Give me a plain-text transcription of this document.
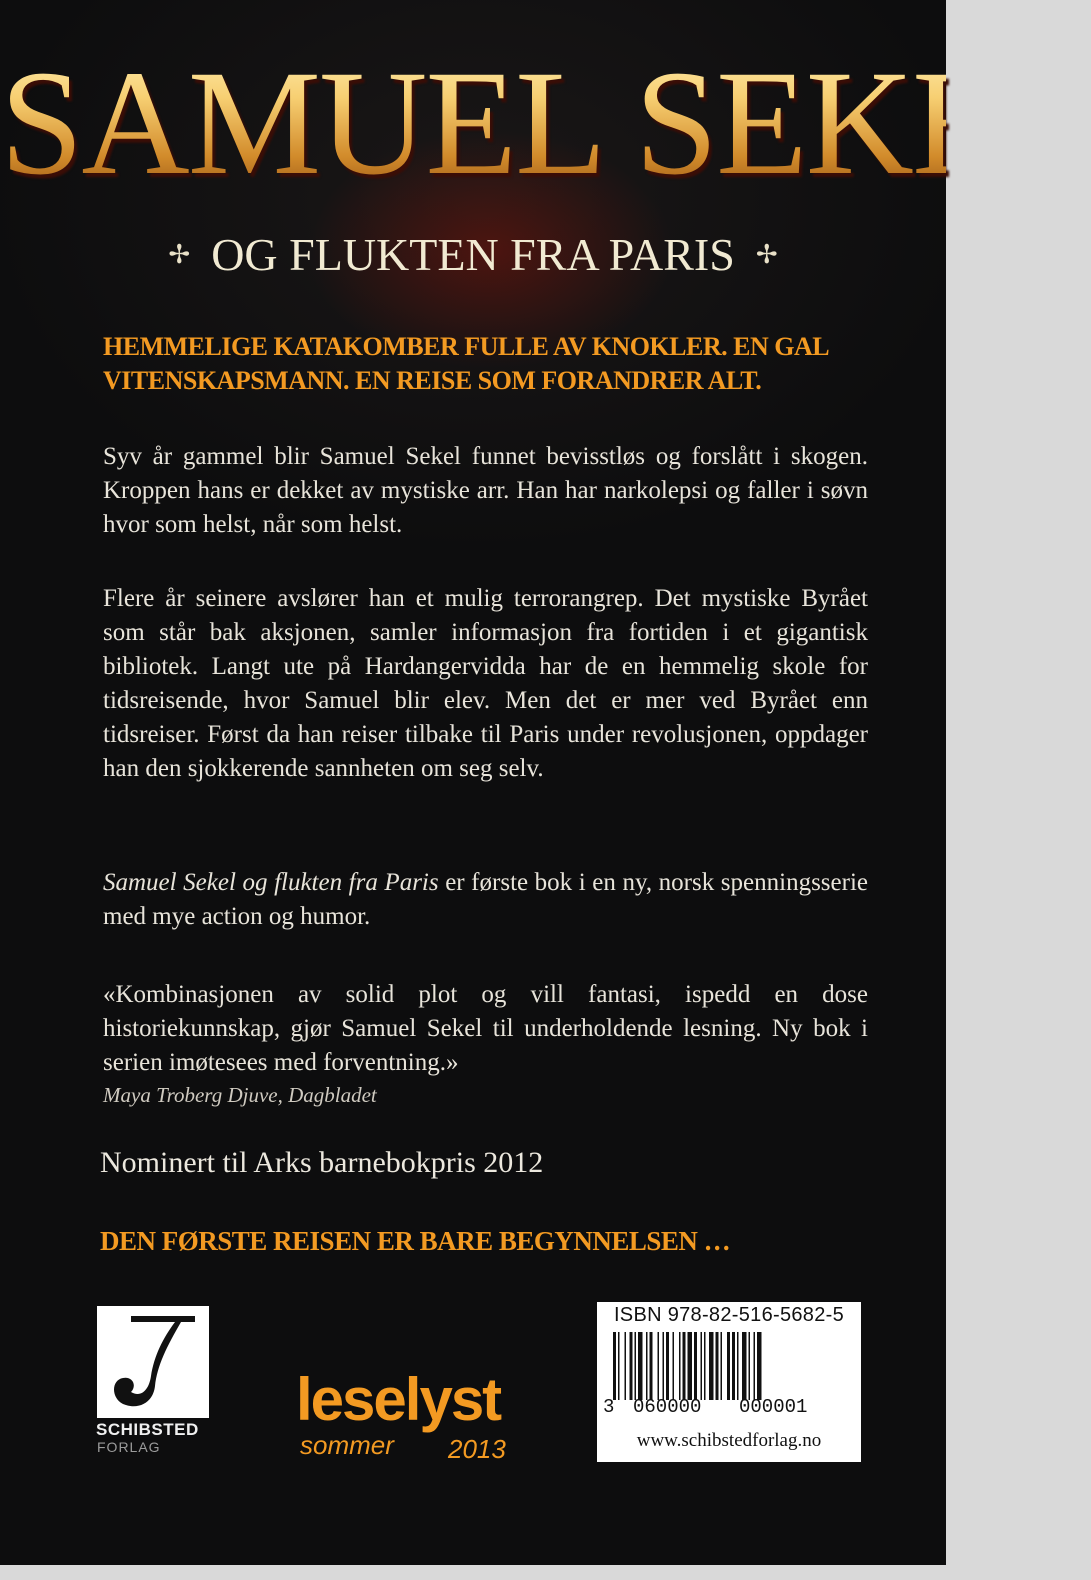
SAMUEL SEKEL
✢ OG FLUKTEN FRA PARIS ✢
HEMMELIGE KATAKOMBER FULLE AV KNOKLER. EN GAL VITENSKAPSMANN. EN REISE SOM FORANDRER ALT.
Syv år gammel blir Samuel Sekel funnet bevisstløs og forslått i skogen. Kroppen hans er dekket av mystiske arr. Han har narkolepsi og faller i søvn hvor som helst, når som helst.
Flere år seinere avslører han et mulig terrorangrep. Det mystiske Byrået som står bak aksjonen, samler informasjon fra fortiden i et gigantisk bibliotek. Langt ute på Hardangervidda har de en hemmelig skole for tidsreisende, hvor Samuel blir elev. Men det er mer ved Byrået enn tidsreiser. Først da han reiser tilbake til Paris under revolusjonen, oppdager han den sjokkerende sannheten om seg selv.
Samuel Sekel og flukten fra Paris er første bok i en ny, norsk spenningsserie med mye action og humor.
«Kombinasjonen av solid plot og vill fantasi, ispedd en dose historiekunnskap, gjør Samuel Sekel til underholdende lesning. Ny bok i serien imøtesees med forventning.»
Maya Troberg Djuve, Dagbladet
Nominert til Arks barnebokpris 2012
DEN FØRSTE REISEN ER BARE BEGYNNELSEN …
SCHIBSTED
FORLAG
leselyst
sommer 2013
ISBN 978-82-516-5682-5
3 060000 000001
www.schibstedforlag.no
